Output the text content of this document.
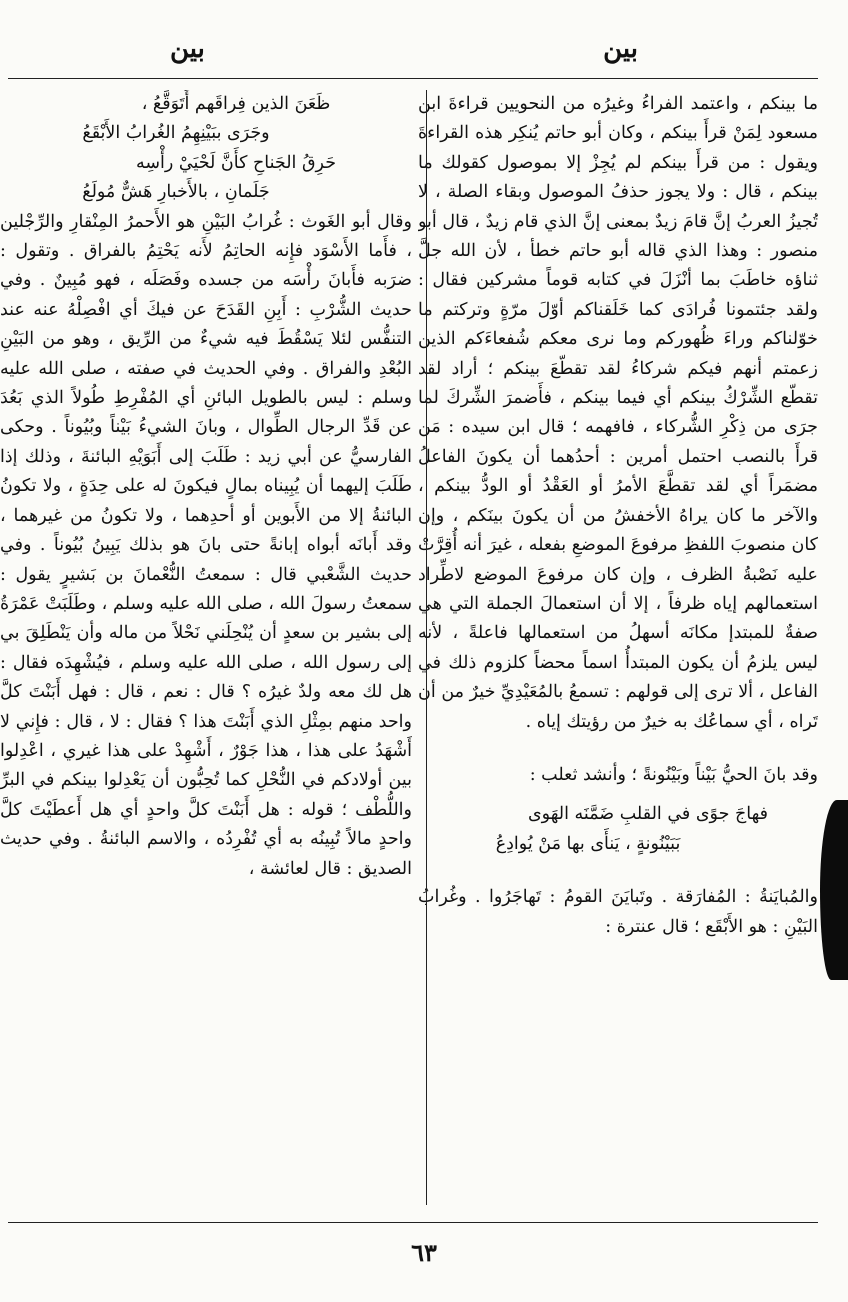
بين
بين

ما بينكم ، واعتمد الفراءُ وغيرُه من النحويين قراءةَ ابن مسعود لِمَنْ قرأَ بينكم ، وكان أبو حاتم يُنكِر هذه القراءةَ ويقول : من قرأَ بينكم لم يُجِزْ إلا بموصول كقولك ما بينكم ، قال : ولا يجوز حذفُ الموصول وبقاء الصلة ، لا تُجيزُ العربُ إنَّ قامَ زيدٌ بمعنى إنَّ الذي قام زيدٌ ، قال أبو منصور : وهذا الذي قاله أبو حاتم خطأ ، لأن الله جلَّ ثناؤه خاطَبَ بما أنْزَلَ في كتابه قوماً مشركين فقال : ولقد جئتمونا فُرادَى كما خَلَقناكم أوّلَ مرّةٍ وتركتم ما خوّلناكم وراءَ ظُهوركم وما نرى معكم شُفعاءَكم الذين زعمتم أنهم فيكم شركاءُ لقد تقطّعَ بينكم ؛ أراد لقد تقطّع الشِّرْكُ بينكم أي فيما بينكم ، فأَضمرَ الشِّركَ لما جرَى من ذِكْرِ الشُّركاء ، فافهمه ؛ قال ابن سيده : مَن قرأَ بالنصب احتمل أمرين : أحدُهما أن يكونَ الفاعلُ مضمَراً أي لقد تقطَّعَ الأمرُ أو العَقْدُ أو الودُّ بينكم ، والآخر ما كان يراهُ الأخفشُ من أن يكونَ بينَكم ، وإن كان منصوبَ اللفظِ مرفوعَ الموضعِ بفعله ، غيرَ أنه أُقِرَّتْ عليه نَصْبةُ الظرف ، وإن كان مرفوعَ الموضع لاطِّراد استعمالهم إياه ظرفاً ، إلا أن استعمالَ الجملة التي هي صفةٌ للمبتدإ مكانَه أسهلُ من استعمالها فاعلةً ، لأنه ليس يلزمُ أن يكون المبتدأُ اسماً محضاً كلزوم ذلك في الفاعل ، ألا ترى إلى قولهم : تسمعُ بالمُعَيْدِيِّ خيرٌ من أن تَراه ، أي سماعُك به خيرٌ من رؤيتك إياه .

وقد بانَ الحيُّ بَيْناً وبَيْنُونةً ؛ وأنشد ثعلب :

فهاجَ جوًى في القلبِ ضَمَّنَه الهَوى

بَبَيْنُونةٍ ، يَنأَى بها مَنْ يُوادِعُ

والمُبايَنةُ : المُفارَقة . وتَبايَنَ القومُ : تَهاجَرُوا . وغُرابُ البَيْنِ : هو الأَبْقَع ؛ قال عنترة :

ظَعَنَ الذين فِراقَهم أَتَوَقَّعُ ،

وجَرَى ببَيْنِهِمُ الغُرابُ الأَبْقَعُ

حَرِقُ الجَناحِ كأَنَّ لَحْيَيْ رأْسِه

جَلَمانِ ، بالأَخبارِ هَشٌّ مُولَعُ

وقال أبو الغَوث : غُرابُ البَيْنِ هو الأَحمرُ المِنْقارِ والرِّجْلين ، فأَما الأَسْوَد فإِنه الحاتِمُ لأَنه يَحْتِمُ بالفراق . وتقول : ضرَبه فأَبانَ رأْسَه من جسده وفَصَلَه ، فهو مُبِينٌ . وفي حديث الشُّرْبِ : أَبِنِ القَدَحَ عن فيكَ أي افْصِلْهُ عنه عند التنفُّس لئلا يَسْقُطَ فيه شيءٌ من الرِّيق ، وهو من البَيْنِ البُعْدِ والفراق . وفي الحديث في صفته ، صلى الله عليه وسلم : ليس بالطويل البائنِ أي المُفْرِطِ طُولاً الذي بَعُدَ عن قَدِّ الرجال الطِّوال ، وبانَ الشيءُ بَيْناً وبُيُوناً . وحكى الفارسيُّ عن أبي زيد : طَلَبَ إلى أَبَوَيْهِ البائنةَ ، وذلك إذا طَلَبَ إليهما أن يُبِيناه بمالٍ فيكونَ له على حِدَةٍ ، ولا تكونُ البائنةُ إلا من الأَبوين أو أحدِهما ، ولا تكونُ من غيرهما ، وقد أَبانَه أبواه إبانةً حتى بانَ هو بذلك يَبِينُ بُيُوناً . وفي حديث الشَّعْبي قال : سمعتُ النُّعْمانَ بن بَشيرٍ يقول : سمعتُ رسولَ الله ، صلى الله عليه وسلم ، وطَلَبَتْ عَمْرَةُ إلى بشير بن سعدٍ أن يُنْحِلَني نَحْلاً من ماله وأن يَنْطَلِقَ بي إلى رسول الله ، صلى الله عليه وسلم ، فيُشْهِدَه فقال : هل لك معه ولدٌ غيرُه ؟ قال : نعم ، قال : فهل أَبَنْتَ كلَّ واحد منهم بمِثْلِ الذي أَبَنْتَ هذا ؟ فقال : لا ، قال : فإِني لا أَشْهَدُ على هذا ، هذا جَوْرٌ ، أَشْهِدْ على هذا غيري ، اعْدِلوا بين أولادكم في النُّحْلِ كما تُحِبُّون أن يَعْدِلوا بينكم في البرِّ واللُّطْف ؛ قوله : هل أَبَنْتَ كلَّ واحدٍ أي هل أَعطَيْتَ كلَّ واحدٍ مالاً تُبِينُه به أي تُفْرِدُه ، والاسم البائنةُ . وفي حديث الصديق : قال لعائشة ،

٦٣
